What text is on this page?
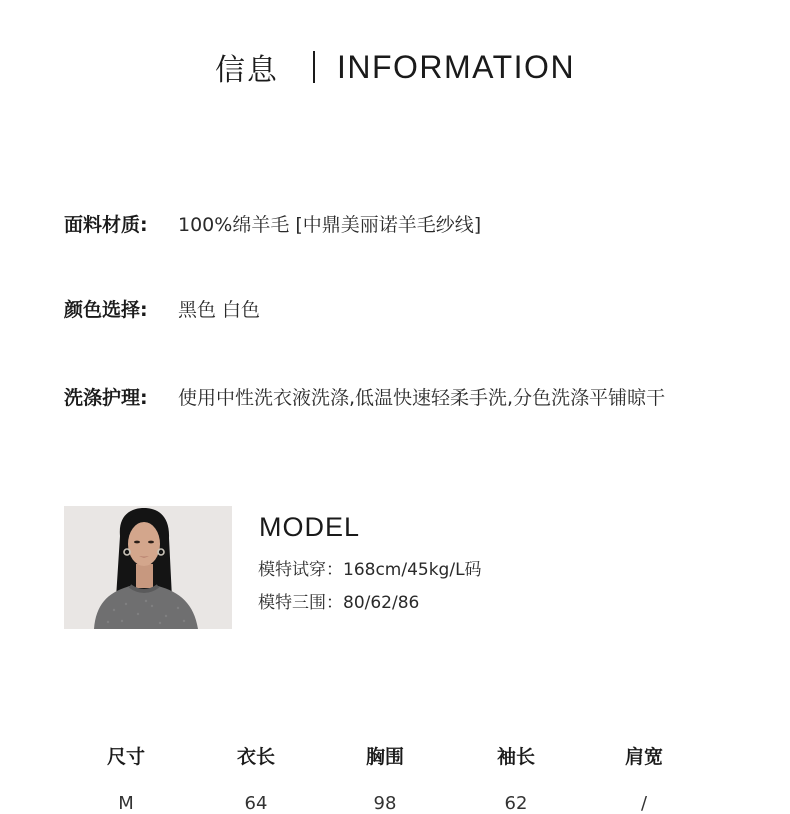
信息 INFORMATION
面料材质:	100%绵羊毛 [中鼎美丽诺羊毛纱线]
颜色选择:	黑色 白色
洗涤护理:	使用中性洗衣液洗涤,低温快速轻柔手洗,分色洗涤平铺晾干
MODEL
模特试穿：168cm/45kg/L码
模特三围：80/62/86
尺寸	衣长	胸围	袖长	肩宽
M	64	98	62	/
